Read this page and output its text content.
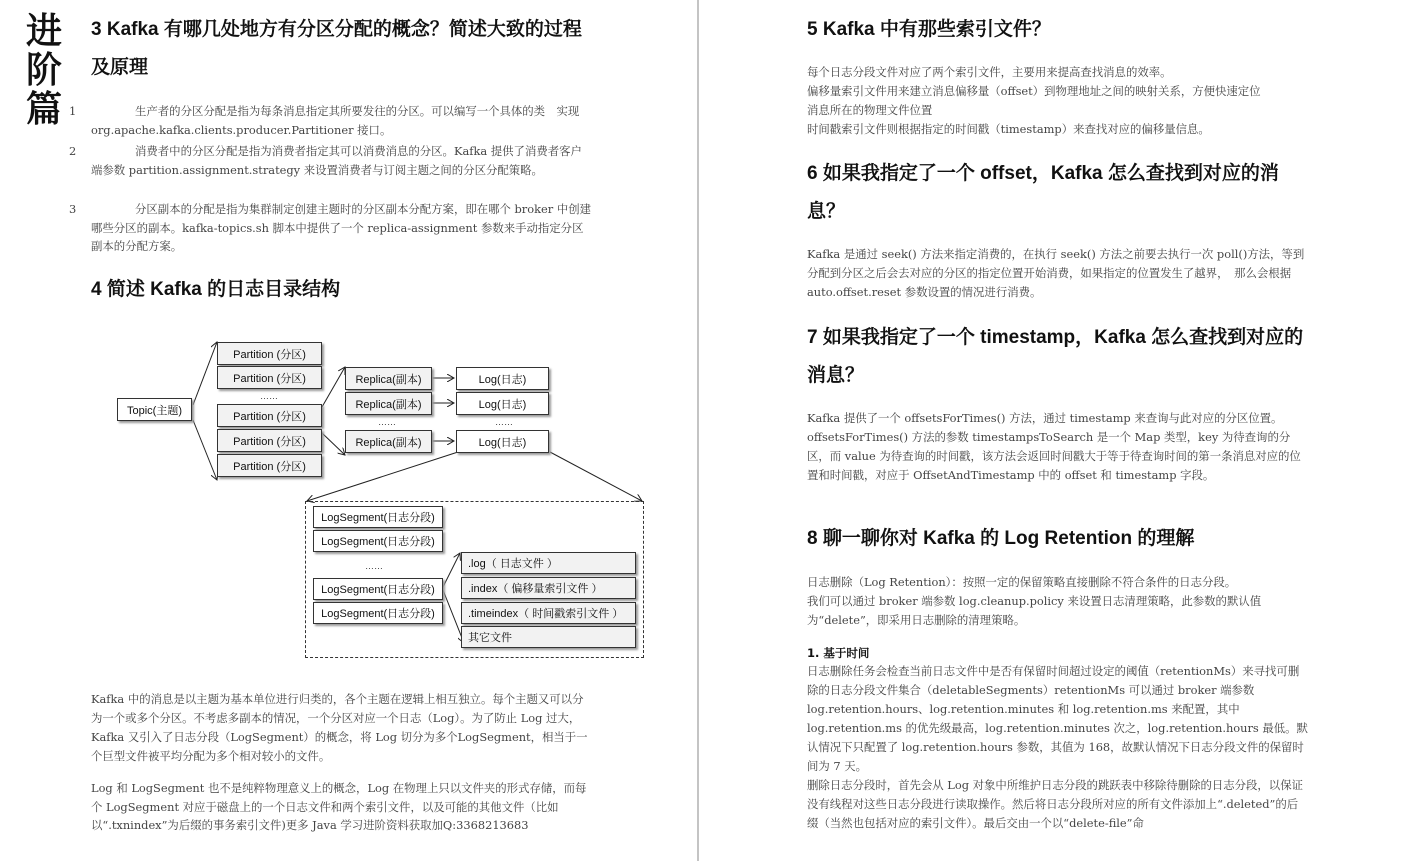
进
阶
篇
3 Kafka 有哪几处地方有分区分配的概念？简述大致的过程
及原理
1	生产者的分区分配是指为每条消息指定其所要发往的分区。可以编写一个具体的类　实现 org.apache.kafka.clients.producer.Partitioner 接口。
2	消费者中的分区分配是指为消费者指定其可以消费消息的分区。Kafka 提供了消费者客户端参数 partition.assignment.strategy 来设置消费者与订阅主题之间的分区分配策略。
3	分区副本的分配是指为集群制定创建主题时的分区副本分配方案，即在哪个 broker 中创建哪些分区的副本。kafka-topics.sh 脚本中提供了一个 replica-assignment 参数来手动指定分区副本的分配方案。
4 简述 Kafka 的日志目录结构
Topic(主题)
Partition (分区)
Partition (分区)
……
Partition (分区)
Partition (分区)
Partition (分区)
Replica(副本)
Replica(副本)
……
Replica(副本)
Log(日志)
Log(日志)
……
Log(日志)
LogSegment(日志分段)
LogSegment(日志分段)
……
LogSegment(日志分段)
LogSegment(日志分段)
.log（ 日志文件 ）
.index（ 偏移量索引文件 ）
.timeindex（ 时间戳索引文件 ）
其它文件

Kafka 中的消息是以主题为基本单位进行归类的，各个主题在逻辑上相互独立。每个主题又可以分为一个或多个分区。不考虑多副本的情况，一个分区对应一个日志（Log）。为了防止 Log 过大，Kafka 又引入了日志分段（LogSegment）的概念，将 Log 切分为多个LogSegment，相当于一个巨型文件被平均分配为多个相对较小的文件。

Log 和 LogSegment 也不是纯粹物理意义上的概念，Log 在物理上只以文件夹的形式存储，而每个 LogSegment 对应于磁盘上的一个日志文件和两个索引文件，以及可能的其他文件（比如以“.txnindex”为后缀的事务索引文件)更多 Java 学习进阶资料获取加Q:3368213683

5 Kafka 中有那些索引文件？

每个日志分段文件对应了两个索引文件，主要用来提高查找消息的效率。

偏移量索引文件用来建立消息偏移量（offset）到物理地址之间的映射关系，方便快速定位

消息所在的物理文件位置

时间戳索引文件则根据指定的时间戳（timestamp）来查找对应的偏移量信息。

6 如果我指定了一个 offset，Kafka 怎么查找到对应的消
息？

Kafka 是通过 seek() 方法来指定消费的，在执行 seek() 方法之前要去执行一次 poll()方法，等到分配到分区之后会去对应的分区的指定位置开始消费，如果指定的位置发生了越界，　那么会根据 auto.offset.reset 参数设置的情况进行消费。

7 如果我指定了一个 timestamp，Kafka 怎么查找到对应的
消息？

Kafka 提供了一个 offsetsForTimes() 方法，通过 timestamp 来查询与此对应的分区位置。offsetsForTimes() 方法的参数 timestampsToSearch 是一个 Map 类型，key 为待查询的分区，而 value 为待查询的时间戳，该方法会返回时间戳大于等于待查询时间的第一条消息对应的位置和时间戳，对应于 OffsetAndTimestamp 中的 offset 和 timestamp 字段。

8 聊一聊你对 Kafka 的 Log Retention 的理解

日志删除（Log Retention）：按照一定的保留策略直接删除不符合条件的日志分段。

我们可以通过 broker 端参数 log.cleanup.policy 来设置日志清理策略，此参数的默认值为“delete”，即采用日志删除的清理策略。

1. 基于时间

日志删除任务会检查当前日志文件中是否有保留时间超过设定的阈值（retentionMs）来寻找可删除的日志分段文件集合（deletableSegments）retentionMs 可以通过 broker 端参数 log.retention.hours、log.retention.minutes 和 log.retention.ms 来配置，其中 log.retention.ms 的优先级最高，log.retention.minutes 次之，log.retention.hours 最低。默认情况下只配置了 log.retention.hours 参数，其值为 168，故默认情况下日志分段文件的保留时间为 7 天。

删除日志分段时，首先会从 Log 对象中所维护日志分段的跳跃表中移除待删除的日志分段，以保证没有线程对这些日志分段进行读取操作。然后将日志分段所对应的所有文件添加上“.deleted”的后缀（当然也包括对应的索引文件）。最后交由一个以“delete-file”命
